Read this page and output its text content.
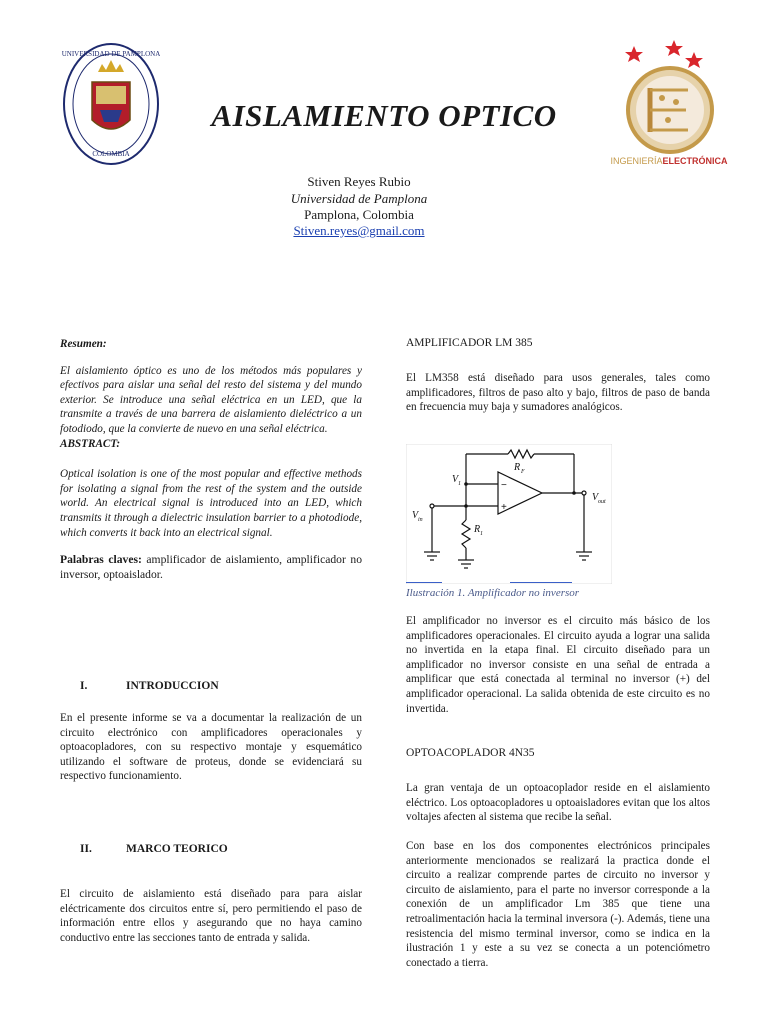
UNIVERSIDAD DE PAMPLONA
COLOMBIA
INGENIERÍAELECTRÓNICA
AISLAMIENTO OPTICO
Stiven Reyes Rubio
Universidad de Pamplona
Pamplona, Colombia
Stiven.reyes@gmail.com

Resumen:

El aislamiento óptico es uno de los métodos más populares y efectivos para aislar una señal del resto del sistema y del mundo exterior. Se introduce una señal eléctrica en un LED, que la transmite a través de una barrera de aislamiento dieléctrico a un fotodiodo, que la convierte de nuevo en una señal eléctrica.

ABSTRACT:

Optical isolation is one of the most popular and effective methods for isolating a signal from the rest of the system and the outside world. An electrical signal is introduced into an LED, which transmits it through a dielectric insulation barrier to a photodiode, which converts it back into an electrical signal.

Palabras claves: amplificador de aislamiento, amplificador no inversor, optoaislador.

I.	INTRODUCCION

En el presente informe se va a documentar la realización de un circuito electrónico con amplificadores operacionales y optoacopladores, con su respectivo montaje y esquemático utilizando el software de proteus, donde se evidenciará su respectivo funcionamiento.

II.	MARCO TEORICO

El circuito de aislamiento está diseñado para para aislar eléctricamente dos circuitos entre sí, pero permitiendo el paso de información entre ellos y asegurando que no haya camino conductivo entre las secciones tanto de entrada y salida.

AMPLIFICADOR LM 385

El LM358 está diseñado para usos generales, tales como amplificadores, filtros de paso alto y bajo, filtros de paso de banda en frecuencia muy baja y sumadores analógicos.

R F
V 1
V in
V out
R 1
−
+
Ilustración 1. Amplificador no inversor

El amplificador no inversor es el circuito más básico de los amplificadores operacionales. El circuito ayuda a lograr una salida no invertida en la etapa final. El circuito diseñado para un amplificador no inversor consiste en una señal de entrada a amplificar que está conectada al terminal no inversor (+) del amplificador operacional. La salida obtenida de este circuito es no invertida.

OPTOACOPLADOR 4N35

La gran ventaja de un optoacoplador reside en el aislamiento eléctrico. Los optoacopladores u optoaisladores evitan que los altos voltajes afecten al sistema que recibe la señal.

Con base en los dos componentes electrónicos principales anteriormente mencionados se realizará la practica donde el circuito a realizar comprende partes de circuito no inversor y circuito de aislamiento, para el parte no inversor corresponde a la conexión de un amplificador Lm 385 que tiene una retroalimentación hacia la terminal inversora (-). Además, tiene una resistencia del mismo terminal inversor, como se indica en la ilustración 1 y este a su vez se conecta a un potenciómetro conectado a tierra.
